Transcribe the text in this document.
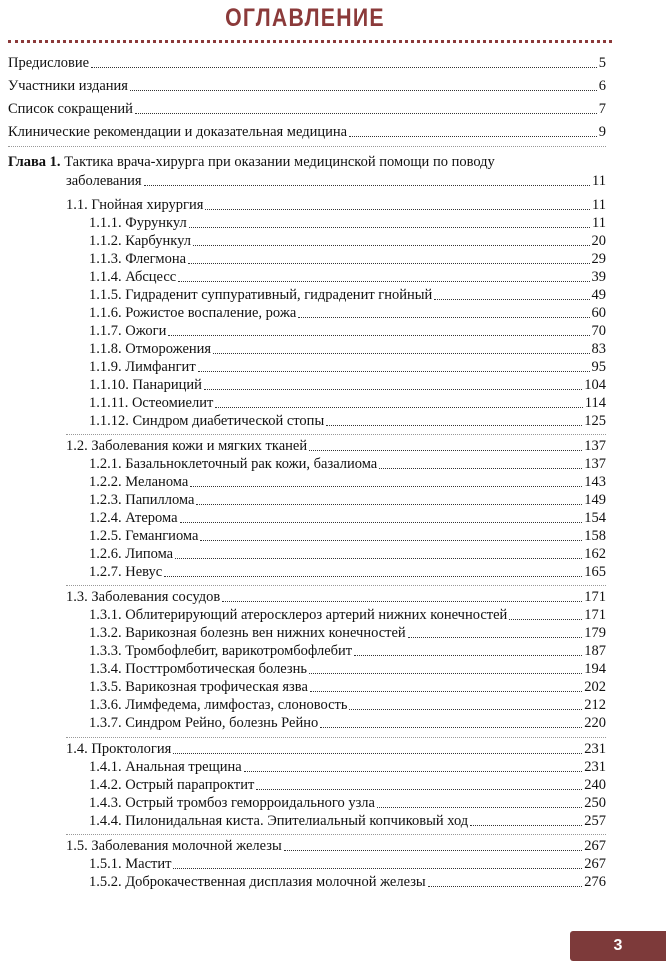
ОГЛАВЛЕНИЕ
Предисловие	5
Участники издания	6
Список сокращений	7
Клинические рекомендации и доказательная медицина	9
Глава 1. Тактика врача-хирурга при оказании медицинской помощи по поводу
заболевания	11
1.1. Гнойная хирургия	11
1.1.1. Фурункул	11
1.1.2. Карбункул	20
1.1.3. Флегмона	29
1.1.4. Абсцесс	39
1.1.5. Гидраденит суппуративный, гидраденит гнойный	49
1.1.6. Рожистое воспаление, рожа	60
1.1.7. Ожоги	70
1.1.8. Отморожения	83
1.1.9. Лимфангит	95
1.1.10. Панариций	104
1.1.11. Остеомиелит	114
1.1.12. Синдром диабетической стопы	125
1.2. Заболевания кожи и мягких тканей	137
1.2.1. Базальноклеточный рак кожи, базалиома	137
1.2.2. Меланома	143
1.2.3. Папиллома	149
1.2.4. Атерома	154
1.2.5. Гемангиома	158
1.2.6. Липома	162
1.2.7. Невус	165
1.3. Заболевания сосудов	171
1.3.1. Облитерирующий атеросклероз артерий нижних конечностей	171
1.3.2. Варикозная болезнь вен нижних конечностей	179
1.3.3. Тромбофлебит, варикотромбофлебит	187
1.3.4. Посттромботическая болезнь	194
1.3.5. Варикозная трофическая язва	202
1.3.6. Лимфедема, лимфостаз, слоновость	212
1.3.7. Синдром Рейно, болезнь Рейно	220
1.4. Проктология	231
1.4.1. Анальная трещина	231
1.4.2. Острый парапроктит	240
1.4.3. Острый тромбоз геморроидального узла	250
1.4.4. Пилонидальная киста. Эпителиальный копчиковый ход	257
1.5. Заболевания молочной железы	267
1.5.1. Мастит	267
1.5.2. Доброкачественная дисплазия молочной железы	276
3
